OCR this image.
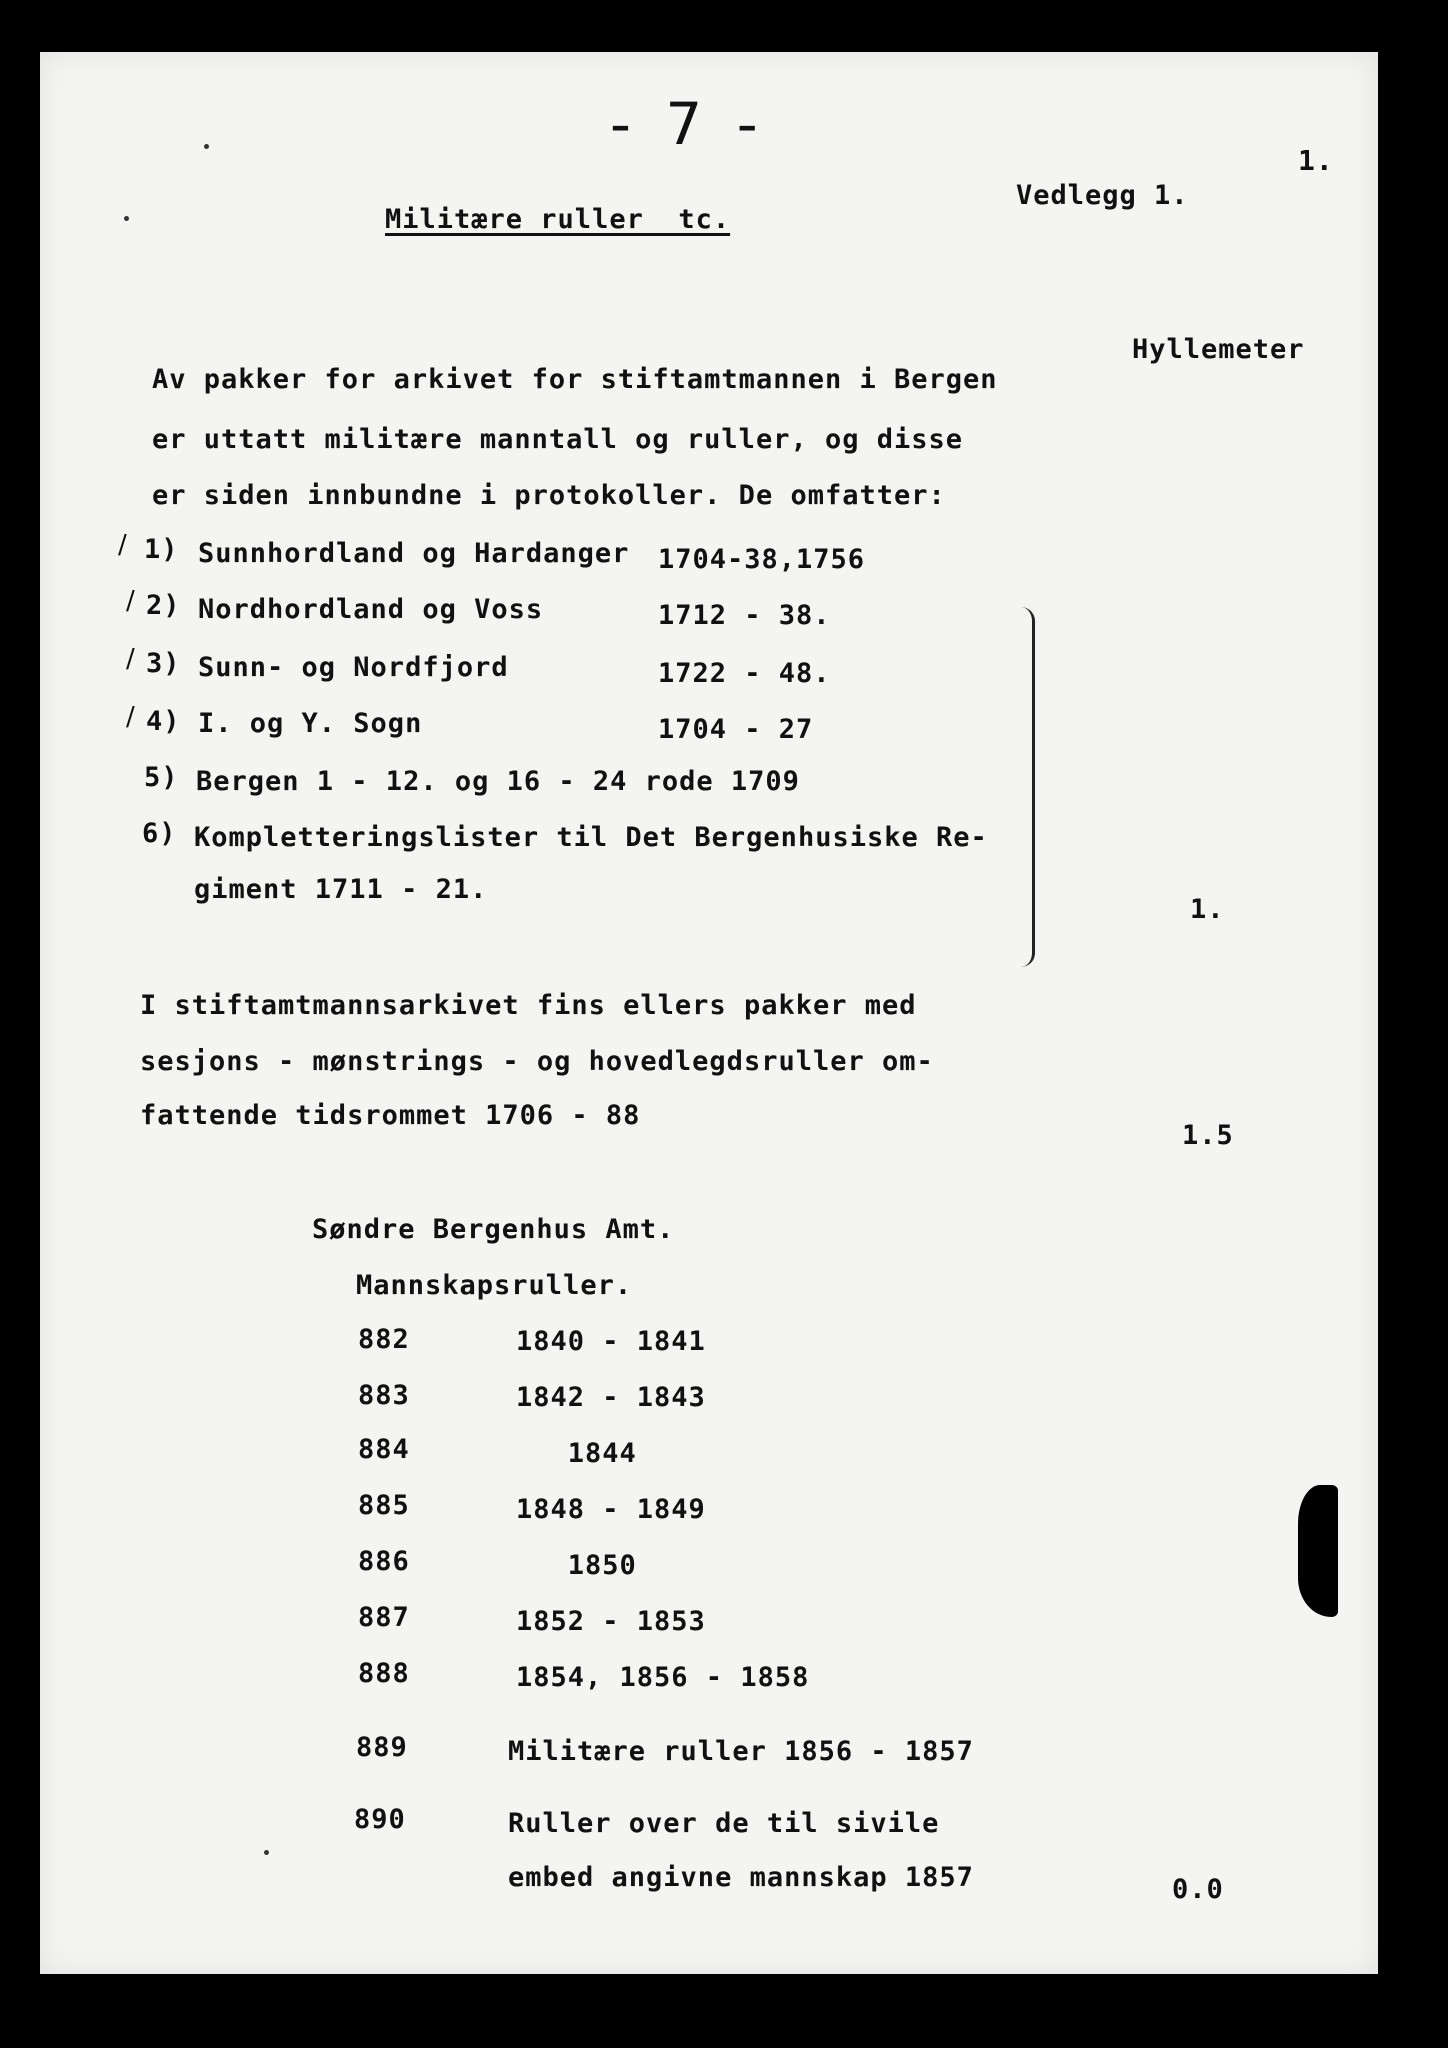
- 7 -
1.
Militære ruller  tc.
Vedlegg 1.
Hyllemeter
Av pakker for arkivet for stiftamtmannen i Bergen
er uttatt militære manntall og ruller, og disse
er siden innbundne i protokoller. De omfatter:
∕ 1) Sunnhordland og Hardanger 1704-38,1756
∕ 2) Nordhordland og Voss	1712 - 38.
∕ 3) Sunn- og Nordfjord	1722 - 48.
∕ 4) I. og Y. Sogn	1704 - 27
5) Bergen 1 - 12. og 16 - 24 rode 1709
6) Kompletteringslister til Det Bergenhusiske Re-
giment 1711 - 21.
1.
I stiftamtmannsarkivet fins ellers pakker med
sesjons - mønstrings - og hovedlegdsruller om-
fattende tidsrommet 1706 - 88
1.5
Søndre Bergenhus Amt.
Mannskapsruller.
882	1840 - 1841
883	1842 - 1843
884	1844
885	1848 - 1849
886	1850
887	1852 - 1853
888	1854, 1856 - 1858
889	Militære ruller 1856 - 1857
890	Ruller over de til sivile
embed angivne mannskap 1857	0.0
